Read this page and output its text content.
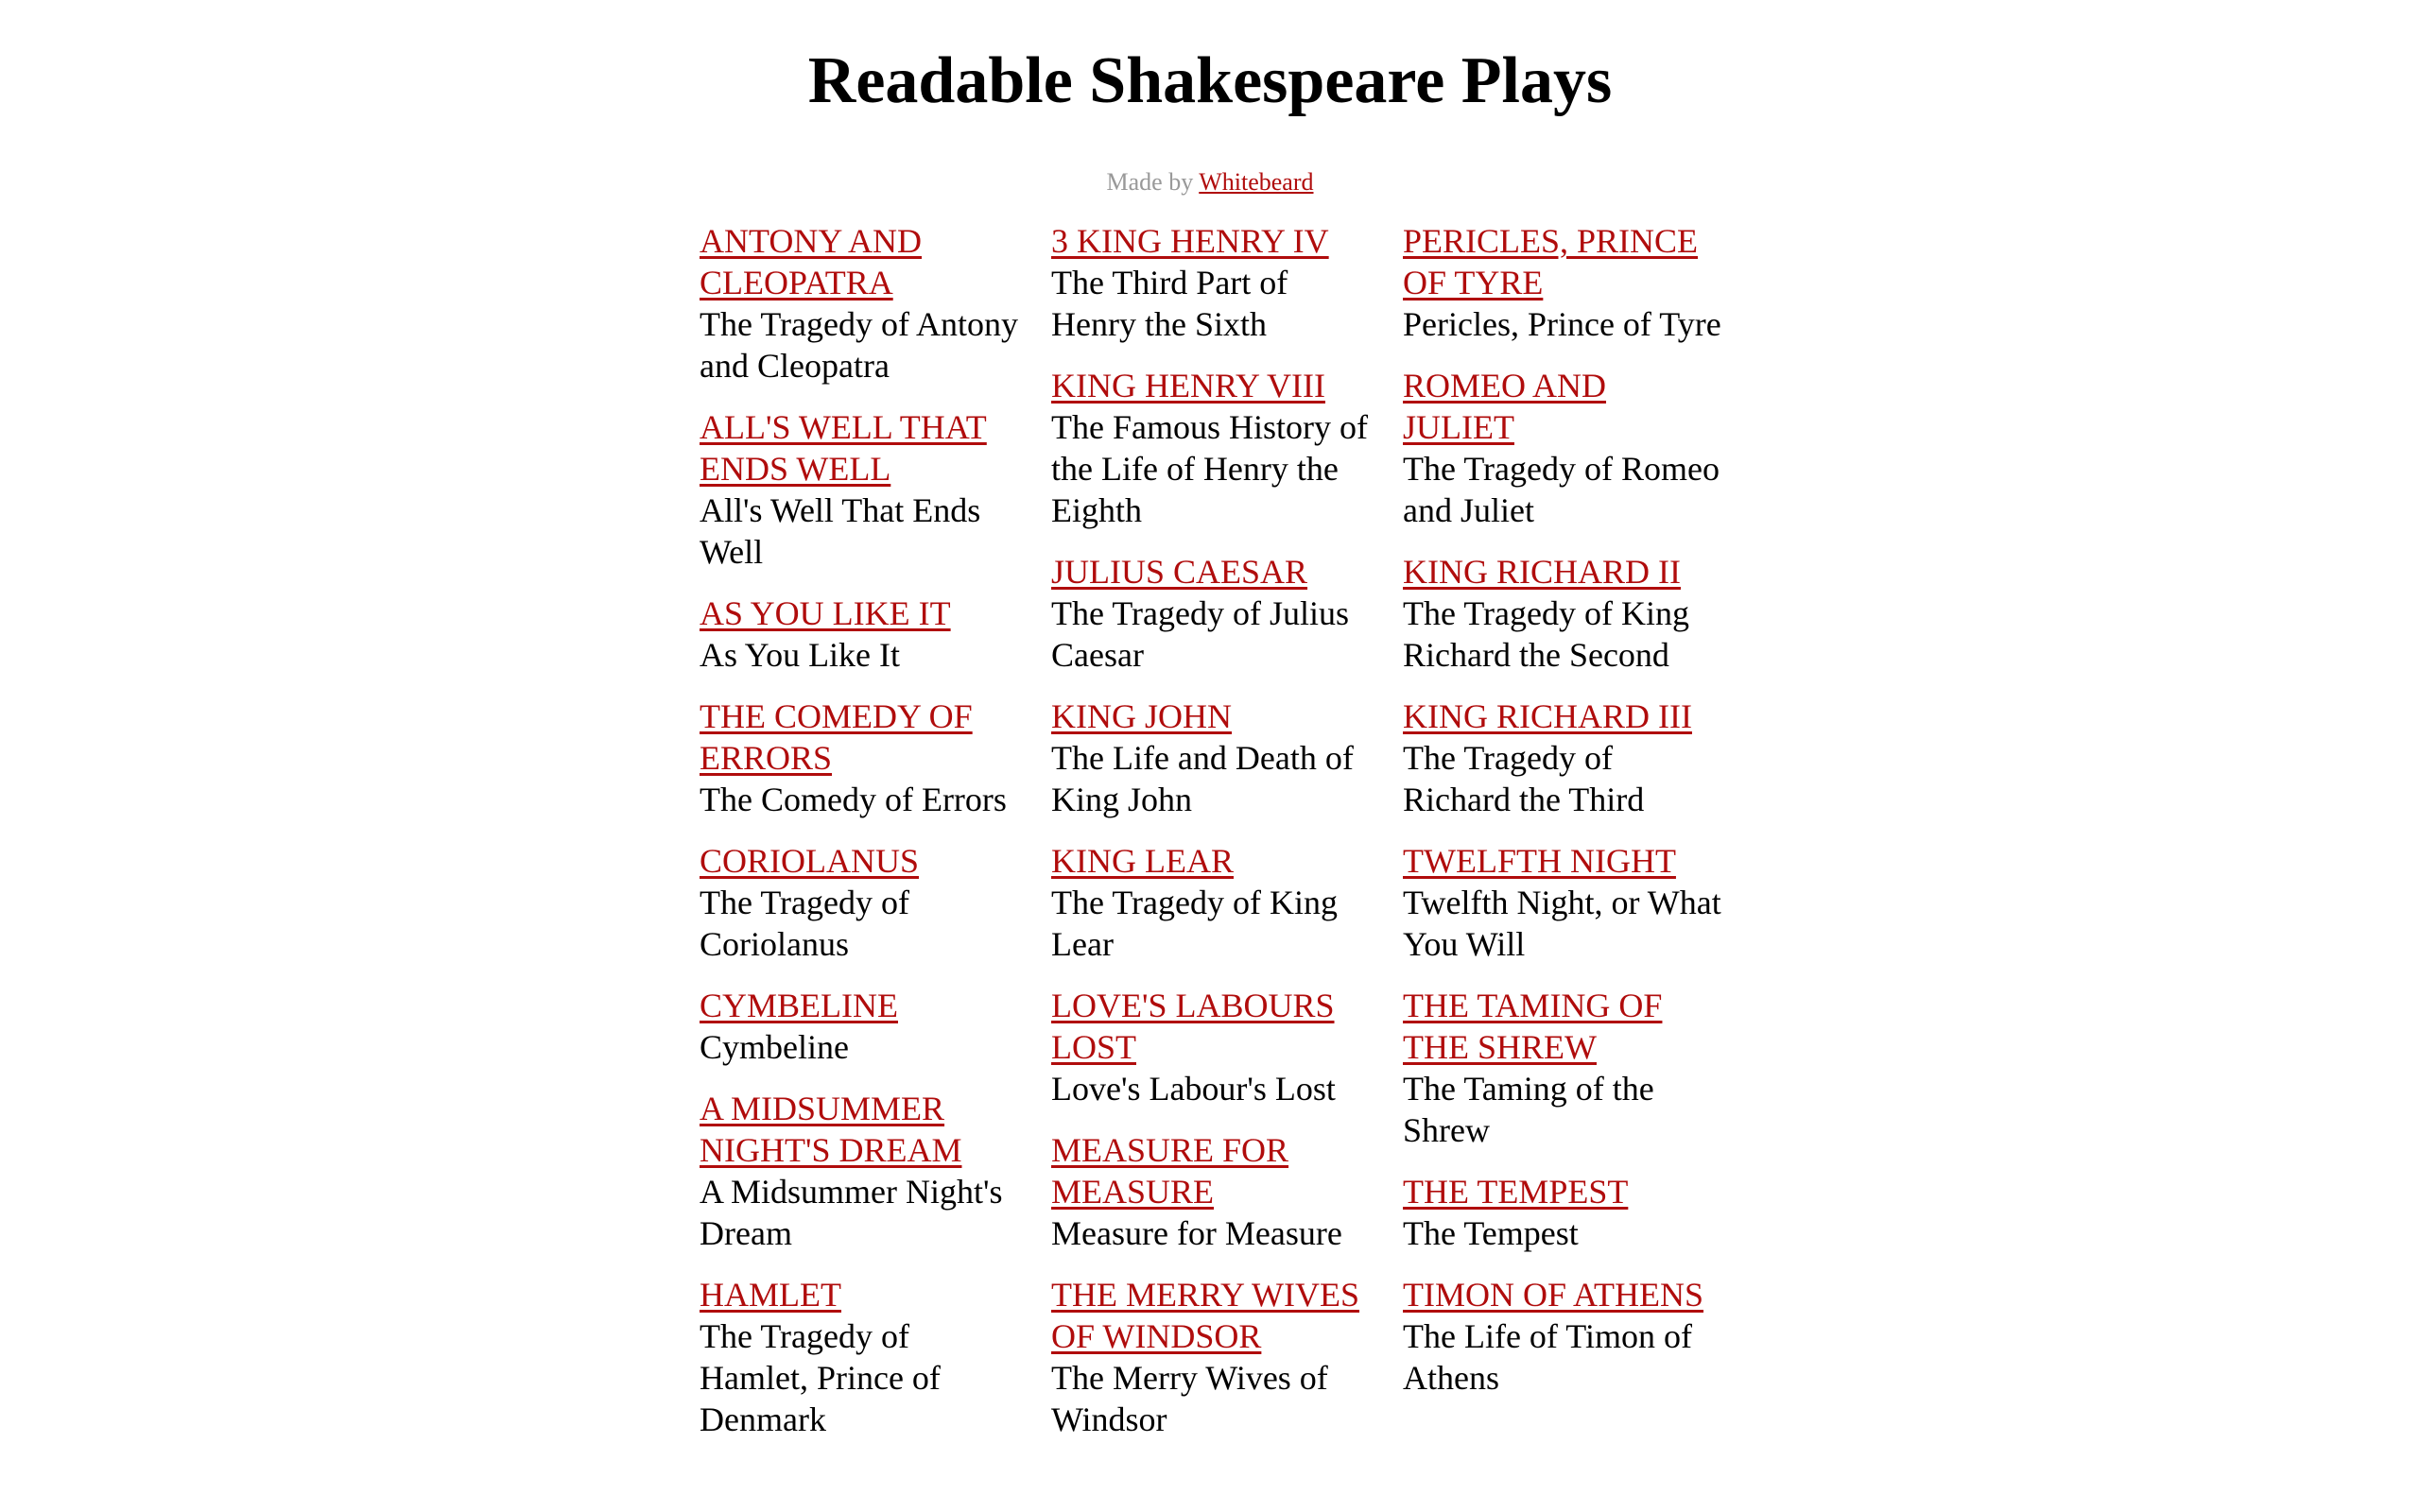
Readable Shakespeare Plays
Made by Whitebeard
ANTONY AND CLEOPATRA
The Tragedy of Antony and Cleopatra
ALL'S WELL THAT ENDS WELL
All's Well That Ends Well
AS YOU LIKE IT
As You Like It
THE COMEDY OF ERRORS
The Comedy of Errors
CORIOLANUS
The Tragedy of Coriolanus
CYMBELINE
Cymbeline
A MIDSUMMER NIGHT'S DREAM
A Midsummer Night's Dream
HAMLET
The Tragedy of Hamlet, Prince of Denmark
3 KING HENRY IV
The Third Part of Henry the Sixth
KING HENRY VIII
The Famous History of the Life of Henry the Eighth
JULIUS CAESAR
The Tragedy of Julius Caesar
KING JOHN
The Life and Death of King John
KING LEAR
The Tragedy of King Lear
LOVE'S LABOURS LOST
Love's Labour's Lost
MEASURE FOR MEASURE
Measure for Measure
THE MERRY WIVES OF WINDSOR
The Merry Wives of Windsor
PERICLES, PRINCE OF TYRE
Pericles, Prince of Tyre
ROMEO AND JULIET
The Tragedy of Romeo and Juliet
KING RICHARD II
The Tragedy of King Richard the Second
KING RICHARD III
The Tragedy of Richard the Third
TWELFTH NIGHT
Twelfth Night, or What You Will
THE TAMING OF THE SHREW
The Taming of the Shrew
THE TEMPEST
The Tempest
TIMON OF ATHENS
The Life of Timon of Athens
